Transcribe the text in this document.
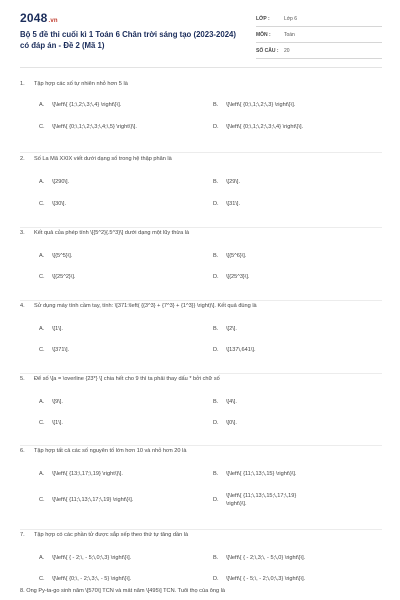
2048.vn
Bộ 5 đề thi cuối kì 1 Toán 6 Chân trời sáng tạo (2023-2024) có đáp án - Đề 2 (Mã 1)
LỚP :	Lớp 6
MÔN :	Toán
SỐ CÂU : 20
1. Tập hợp các số tự nhiên nhỏ hơn 5 là
A. \[\left\{ {1;\,2;\,3;\,4} \right\}\].	B. \[\left\{ {0;\,1;\,2;\,3} \right\}\].
C. \[\left\{ {0;\,1;\,2;\,3;\,4;\,5} \right\}\].	D. \[\left\{ {0;\,1;\,2;\,3;\,4} \right\}\].
2. Số La Mã XXIX viết dưới dạng số trong hệ thập phân là
A. \[290\].	B. \[29\].
C. \[30\].	D. \[31\].
3. Kết quả của phép tính \[{5^2}{.5^3}\] dưới dạng một lũy thừa là
A. \[{5^5}\].	B. \[{5^6}\].
C. \[{25^2}\].	D. \[{25^3}\].
4. Sử dụng máy tính cầm tay, tính: \[371:\left( {{3^3} + {7^3} + {1^3}} \right)\]. Kết quả đúng là
A. \[1\].	B. \[2\].
C. \[371\].	D. \[137\,641\].
5. Để số \[a = \overline {23*} \] chia hết cho 9 thì ta phải thay dấu * bởi chữ số
A. \[9\].	B. \[4\].
C. \[1\].	D. \[0\].
6. Tập hợp tất cả các số nguyên tố lớn hơn 10 và nhỏ hơn 20 là
A. \[\left\{ {13;\,17;\,19} \right\}\].	B. \[\left\{ {11;\,13;\,15} \right\}\].
C. \[\left\{ {11;\,13;\,17;\,19} \right\}\].	D.\[\left\{ {11;\,13;\,15;\,17;\,19}
\right\}\].
7. Tập hợp có các phần tử được sắp xếp theo thứ tự tăng dần là
A. \[\left\{ { - 2;\, - 5;\,0;\,3} \right\}\].	B. \[\left\{ { - 2;\,3;\, - 5;\,0} \right\}\].
C. \[\left\{ {0;\, - 2;\,3;\, - 5} \right\}\].	D. \[\left\{ { - 5;\, - 2;\,0;\,3} \right\}\].
8. Ông Py-ta-go sinh năm \[570\] TCN và mất năm \[495\] TCN. Tuổi thọ của ông là
